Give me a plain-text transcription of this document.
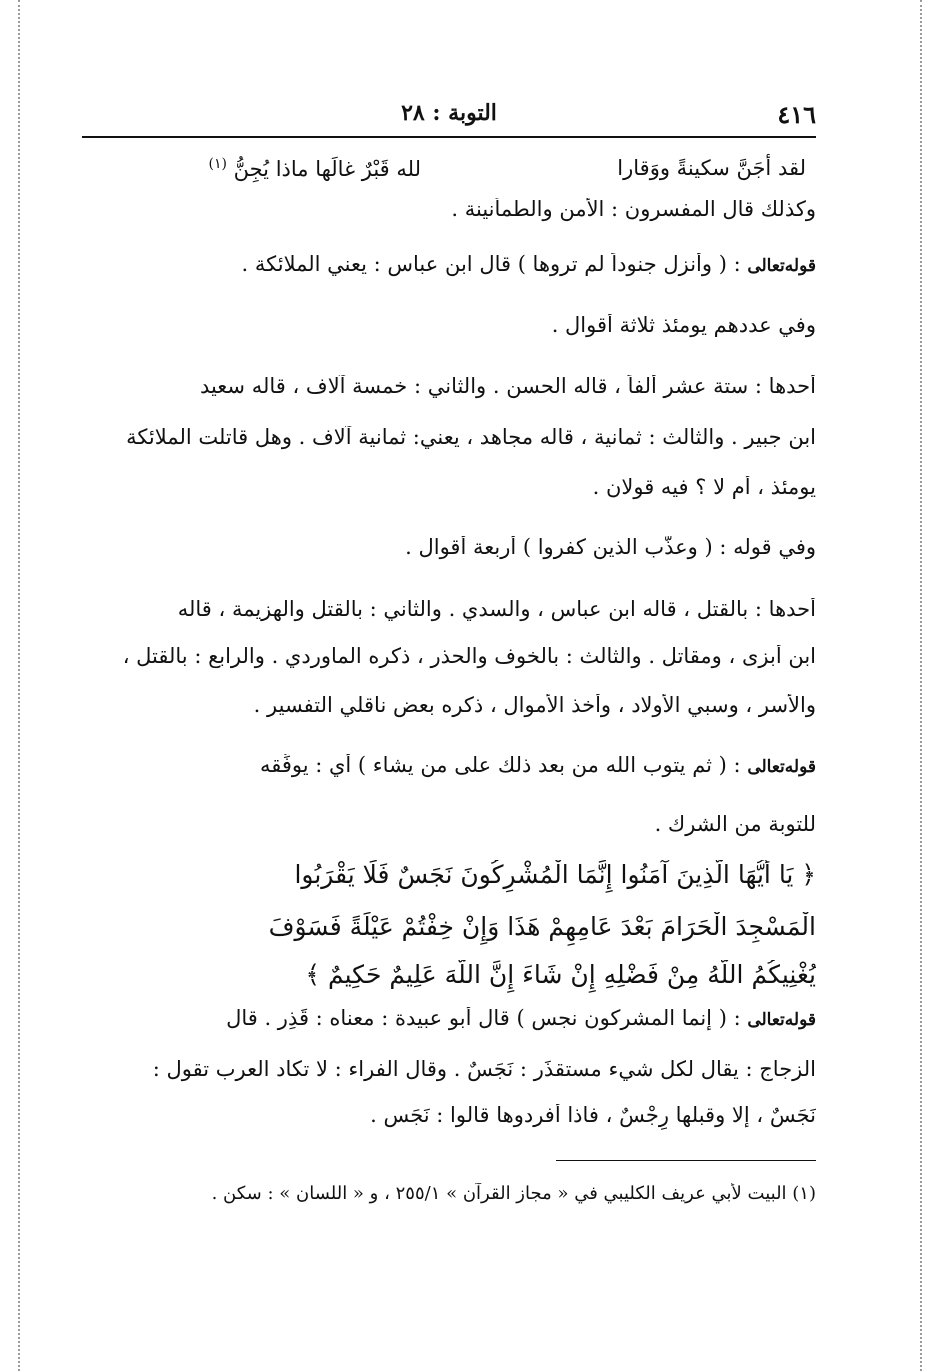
٤١٦
التوبة : ٢٨
لقد أجَنَّ سكينةً ووَقارا
لله قَبْرٌ غالَها ماذا يُجِنُّ $^{(١)}$

وكذلك قال المفسرون : الأمن والطمأنينة .

قوله‌تعالى : ( وأنزل جنوداً لم تروها ) قال ابن عباس : يعني الملائكة .

وفي عددهم يومئذ ثلاثة أقوال .

أحدها : ستة عشر ألفاً ، قاله الحسن . والثاني : خمسة آلاف ، قاله سعيد

ابن جبير . والثالث : ثمانية ، قاله مجاهد ، يعني: ثمانية آلاف . وهل قاتلت الملائكة

يومئذ ، أم لا ؟ فيه قولان .

وفي قوله : ( وعذَّب الذين كفروا ) أربعة أقوال .

أحدها : بالقتل ، قاله ابن عباس ، والسدي . والثاني : بالقتل والهزيمة ، قاله

ابن أبزى ، ومقاتل . والثالث : بالخوف والحذر ، ذكره الماوردي . والرابع : بالقتل ،

والأسر ، وسبي الأولاد ، وأخذ الأموال ، ذكره بعض ناقلي التفسير .

قوله‌تعالى : ( ثم يتوب الله من بعد ذلك على من يشاء ) أي : يوفِّقه

للتوبة من الشرك .

﴿ يَا أَيُّهَا الَّذِينَ آمَنُوا إِنَّمَا الْمُشْرِكُونَ نَجَسٌ فَلَا يَقْرَبُوا

الْمَسْجِدَ الْحَرَامَ بَعْدَ عَامِهِمْ هَذَا وَإِنْ خِفْتُمْ عَيْلَةً فَسَوْفَ

يُغْنِيكُمُ اللَّهُ مِنْ فَضْلِهِ إِنْ شَاءَ إِنَّ اللَّهَ عَلِيمٌ حَكِيمٌ ﴾

قوله‌تعالى : ( إنما المشركون نجس ) قال أبو عبيدة : معناه : قَذِر . قال

الزجاج : يقال لكل شيء مستقذَر : نَجَسٌ . وقال الفراء : لا تكاد العرب تقول :

نَجَسٌ ، إلا وقبلها رِجْسٌ ، فاذا أفردوها قالوا : نَجَس .

(١) البيت لأبي عريف الكليبي في « مجاز القرآن » ٢٥٥/١ ، و « اللسان » : سكن .
